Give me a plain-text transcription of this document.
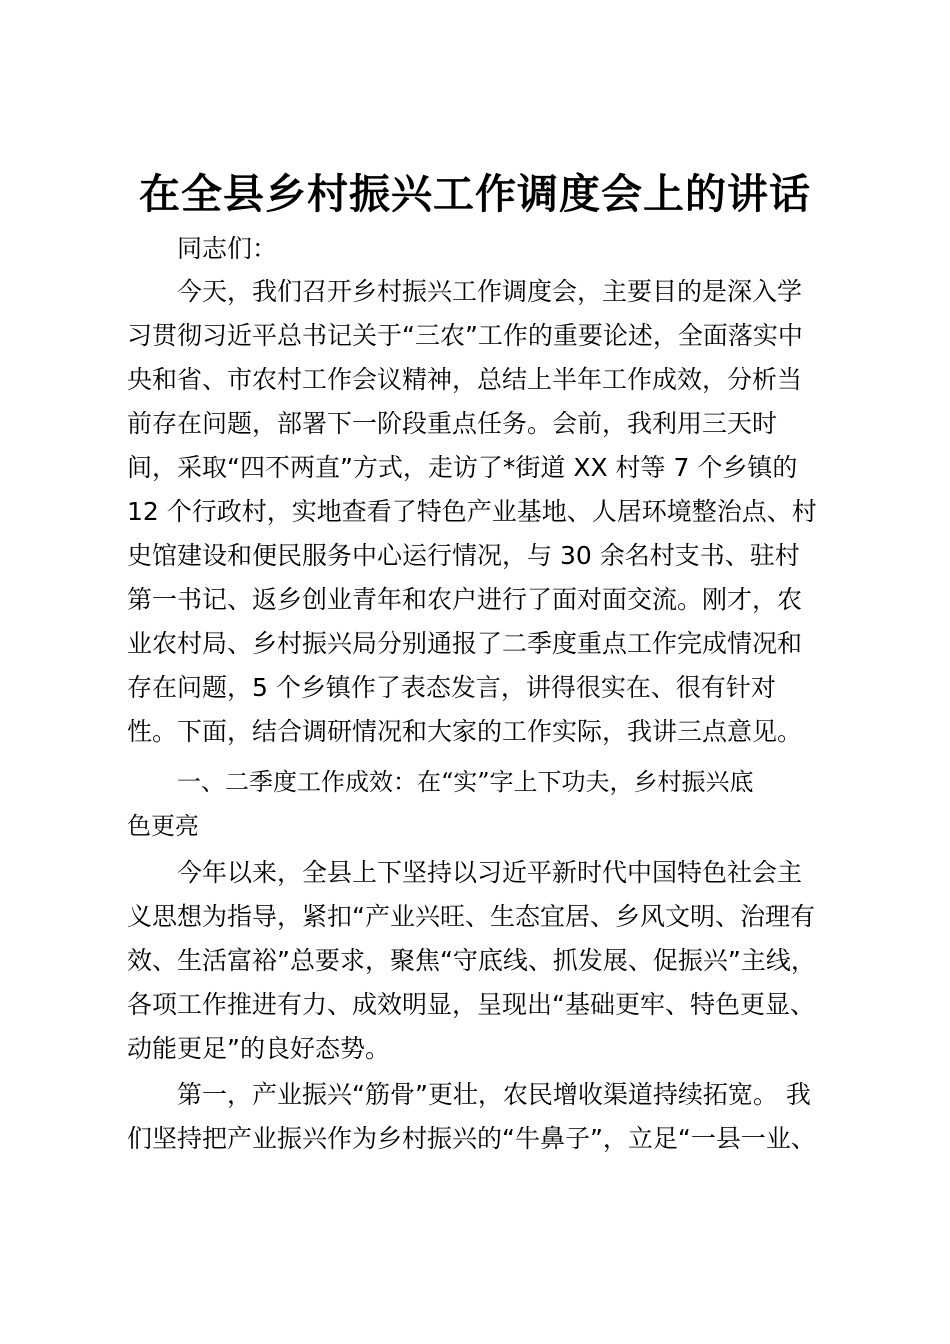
在全县乡村振兴工作调度会上的讲话
同志们：
今天，我们召开乡村振兴工作调度会，主要目的是深入学
习贯彻习近平总书记关于“三农”工作的重要论述，全面落实中
央和省、市农村工作会议精神，总结上半年工作成效，分析当
前存在问题，部署下一阶段重点任务。会前，我利用三天时
间，采取“四不两直”方式，走访了*街道 XX 村等 7 个乡镇的
12 个行政村，实地查看了特色产业基地、人居环境整治点、村
史馆建设和便民服务中心运行情况，与 30 余名村支书、驻村
第一书记、返乡创业青年和农户进行了面对面交流。刚才，农
业农村局、乡村振兴局分别通报了二季度重点工作完成情况和
存在问题，5 个乡镇作了表态发言，讲得很实在、很有针对
性。下面，结合调研情况和大家的工作实际，我讲三点意见。
一、二季度工作成效：在“实”字上下功夫，乡村振兴底
色更亮
今年以来，全县上下坚持以习近平新时代中国特色社会主
义思想为指导，紧扣“产业兴旺、生态宜居、乡风文明、治理有
效、生活富裕”总要求，聚焦“守底线、抓发展、促振兴”主线，
各项工作推进有力、成效明显，呈现出“基础更牢、特色更显、
动能更足”的良好态势。
第一，产业振兴“筋骨”更壮，农民增收渠道持续拓宽。 我
们坚持把产业振兴作为乡村振兴的“牛鼻子”，立足“一县一业、
